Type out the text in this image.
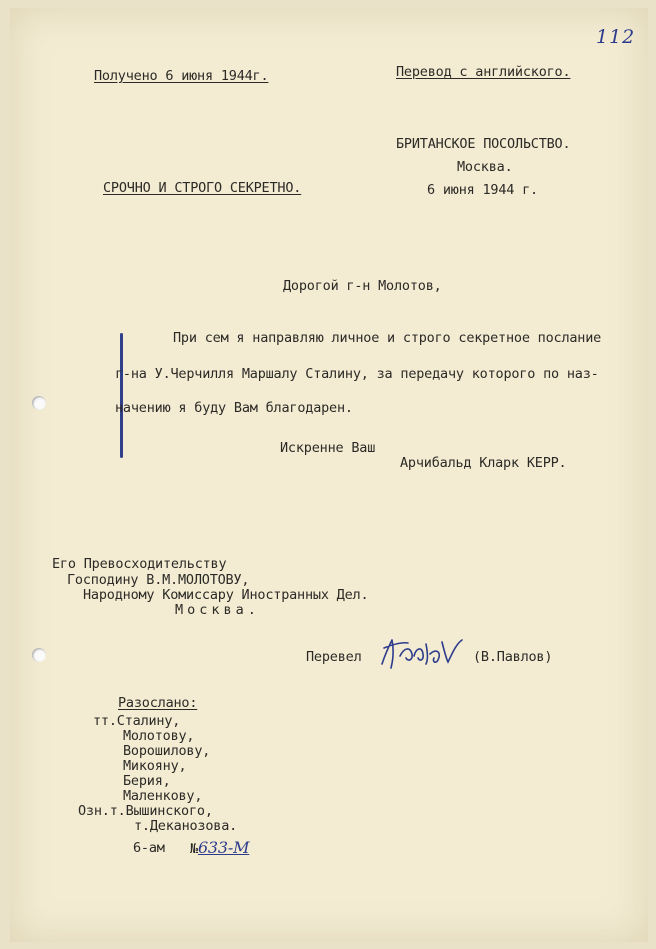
112
Получено 6 июня 1944г.	Перевод с английского.
БРИТАНСКОЕ ПОСОЛЬСТВО.
Москва.
6 июня 1944 г.
СРОЧНО И СТРОГО СЕКРЕТНО.
Дорогой г-н Молотов,
При сем я направляю личное и строго секретное послание
г-на У.Черчилля Маршалу Сталину, за передачу которого по наз-
начению я буду Вам благодарен.
Искренне Ваш
Арчибальд Кларк КЕРР.
Его Превосходительству
Господину В.М.МОЛОТОВУ,
Народному Комиссару Иностранных Дел.
Москва.
Перевел	(В.Павлов)
Разослано:
тт.Сталину,
Молотову,
Ворошилову,
Микояну,
Берия,
Маленкову,
Озн.т.Вышинского,
т.Деканозова.
6-ам №633-М
